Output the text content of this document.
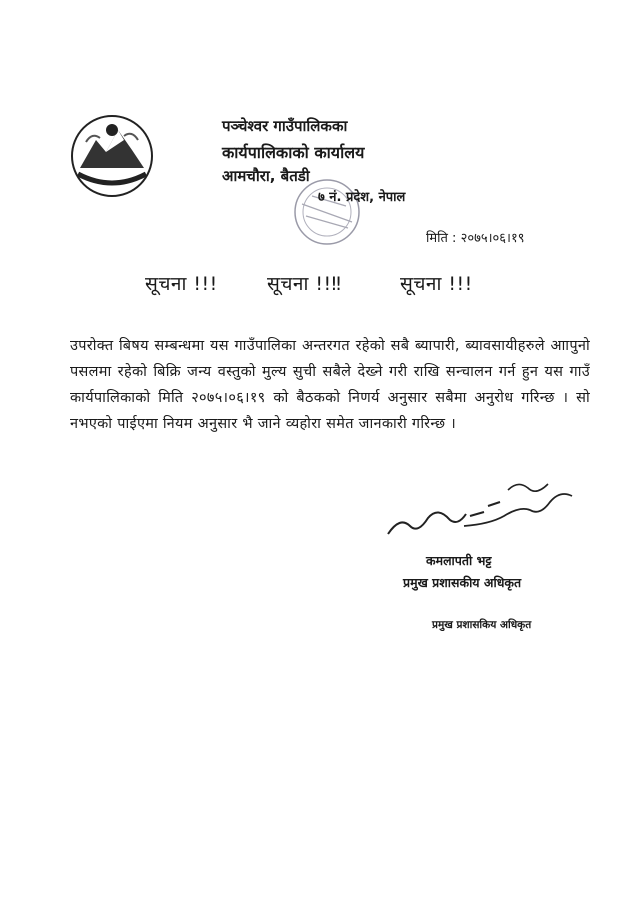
पञ्चेश्वर गाउँपालिकका
कार्यपालिकाको कार्यालय
आमचौरा, बैतडी
७ नं. प्रदेश, नेपाल
मिति : २०७५।०६।१९
सूचना !!!	सूचना !!‼	सूचना !!!
उपरोक्त बिषय सम्बन्धमा यस गाउँपालिका अन्तरगत रहेको सबै ब्यापारी, ब्यावसायीहरुले आापुनो पसलमा रहेको बिक्रि जन्य वस्तुको मुल्य सुची सबैले देख्ने गरी राखि सन्चालन गर्न हुन यस गाउँ कार्यपालिकाको मिति २०७५।०६।१९ को बैठकको निणर्य अनुसार सबैमा अनुरोध गरिन्छ । सो नभएको पाईएमा नियम अनुसार भै जाने व्यहोरा समेत जानकारी गरिन्छ ।
कमलापती भट्ट
प्रमुख प्रशासकीय अधिकृत
प्रमुख प्रशासकिय अधिकृत
